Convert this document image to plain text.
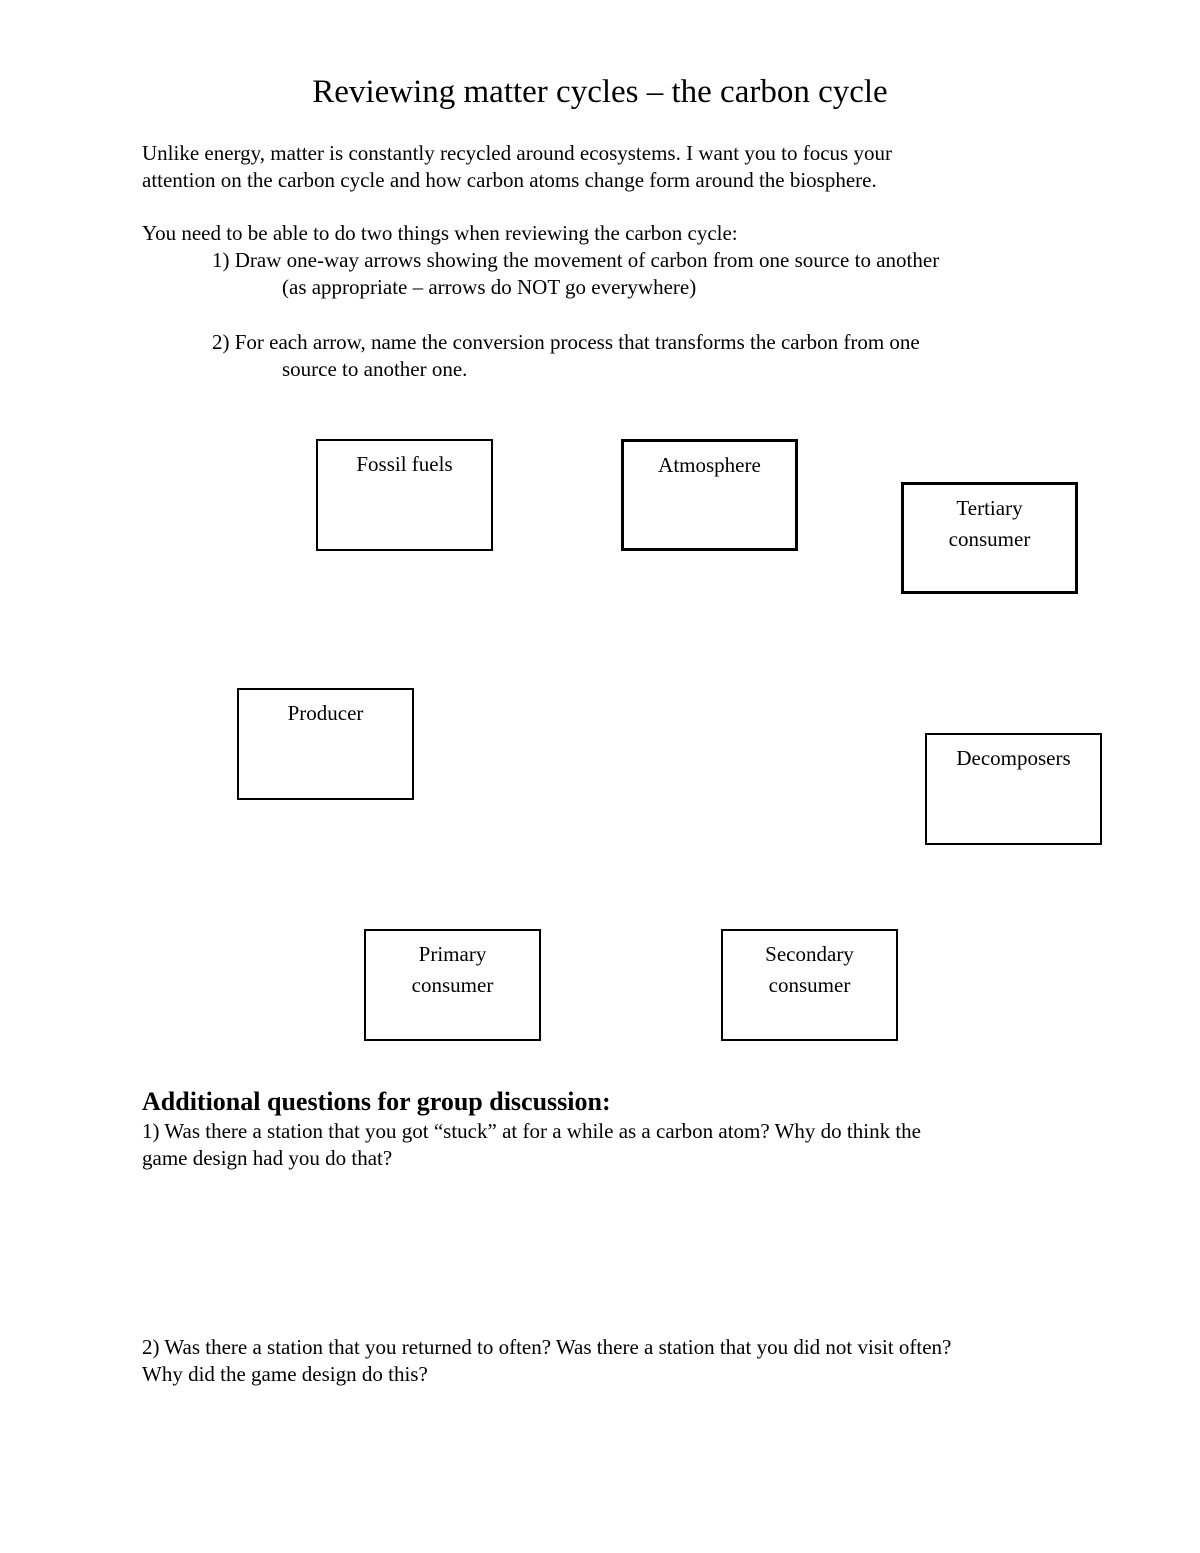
Reviewing matter cycles – the carbon cycle

Unlike energy, matter is constantly recycled around ecosystems. I want you to focus your

attention on the carbon cycle and how carbon atoms change form around the biosphere.

You need to be able to do two things when reviewing the carbon cycle:

1) Draw one-way arrows showing the movement of carbon from one source to another

(as appropriate – arrows do NOT go everywhere)

2) For each arrow, name the conversion process that transforms the carbon from one

source to another one.

Fossil fuels	Atmosphere
Tertiary
consumer
Producer
Decomposers
Primary
consumer
Secondary
consumer
Additional questions for group discussion:

1) Was there a station that you got “stuck” at for a while as a carbon atom? Why do think the

game design had you do that?

2) Was there a station that you returned to often? Was there a station that you did not visit often?

Why did the game design do this?
